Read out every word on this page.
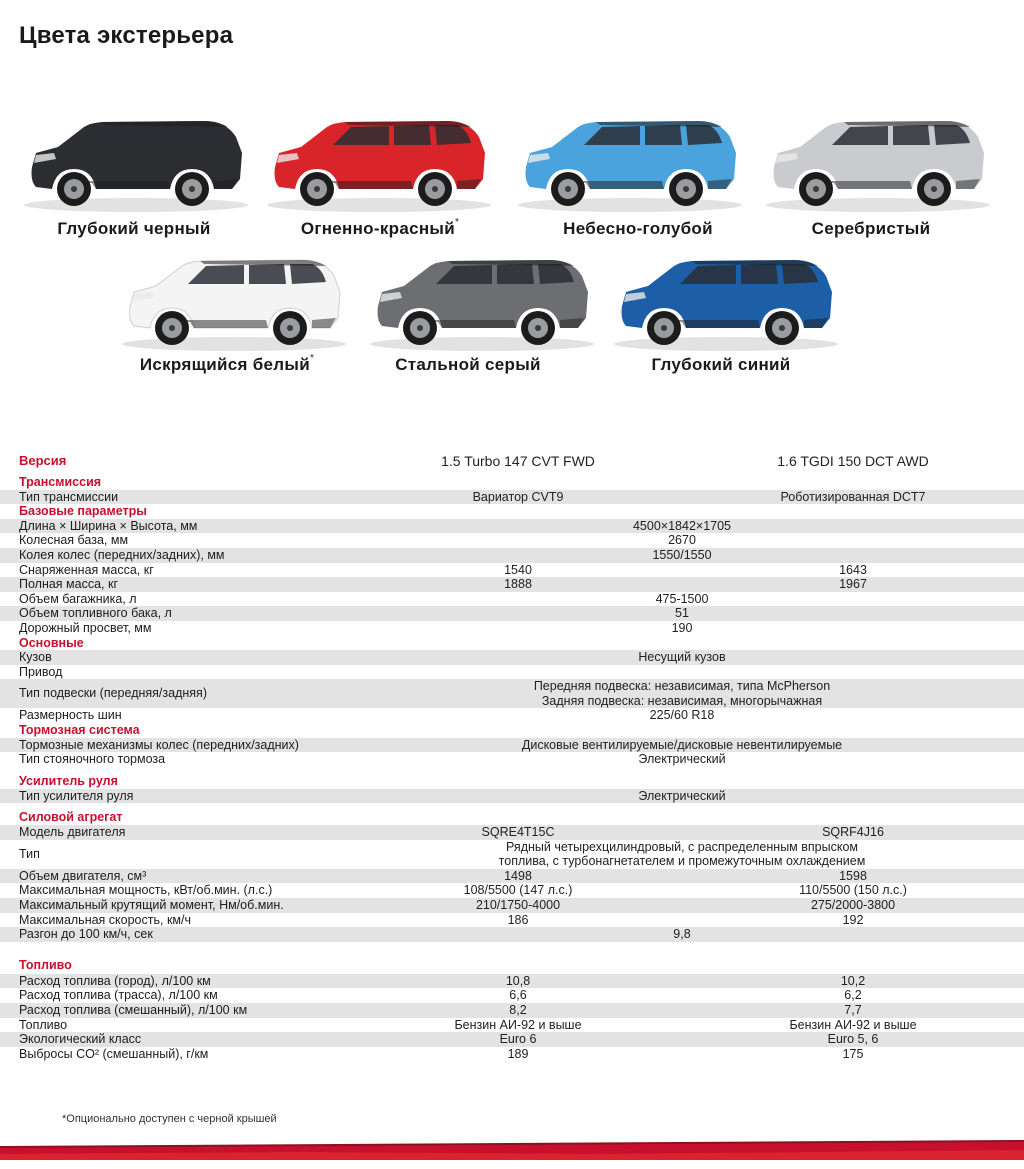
Цвета экстерьера
Глубокий черный	Огненно-красный*	Небесно-голубой	Серебристый
Искрящийся белый*	Стальной серый	Глубокий синий
Версия	1.5 Turbo 147 CVT FWD	1.6 TGDI 150 DCT AWD
Трансмиссия
Тип трансмиссии	Вариатор CVT9	Роботизированная DCT7
Базовые параметры
Длина × Ширина × Высота, мм	4500×1842×1705
Колесная база, мм	2670
Колея колес (передних/задних), мм	1550/1550
Снаряженная масса, кг	1540	1643
Полная масса, кг	1888	1967
Объем багажника, л	475-1500
Объем топливного бака, л	51
Дорожный просвет, мм	190
Основные
Кузов	Несущий кузов
Привод
Тип подвески (передняя/задняя)	Передняя подвеска: независимая, типа McPherson
Задняя подвеска: независимая, многорычажная
Размерность шин	225/60 R18
Тормозная система
Тормозные механизмы колес (передних/задних)	Дисковые вентилируемые/дисковые невентилируемые
Тип стояночного тормоза	Электрический
Усилитель руля
Тип усилителя руля	Электрический
Силовой агрегат
Модель двигателя	SQRE4T15C	SQRF4J16
Тип	Рядный четырехцилиндровый, с распределенным впрыском
топлива, с турбонагнетателем и промежуточным охлаждением
Объем двигателя, см³	1498	1598
Максимальная мощность, кВт/об.мин. (л.с.)	108/5500 (147 л.с.)	110/5500 (150 л.с.)
Максимальный крутящий момент, Нм/об.мин.	210/1750-4000	275/2000-3800
Максимальная скорость, км/ч	186	192
Разгон до 100 км/ч, сек	9,8
Топливо
Расход топлива (город), л/100 км	10,8	10,2
Расход топлива (трасса), л/100 км	6,6	6,2
Расход топлива (смешанный), л/100 км	8,2	7,7
Топливо	Бензин АИ-92 и выше	Бензин АИ-92 и выше
Экологический класс	Euro 6	Euro 5, 6
Выбросы CO² (смешанный), г/км	189	175
*Опционально доступен с черной крышей
